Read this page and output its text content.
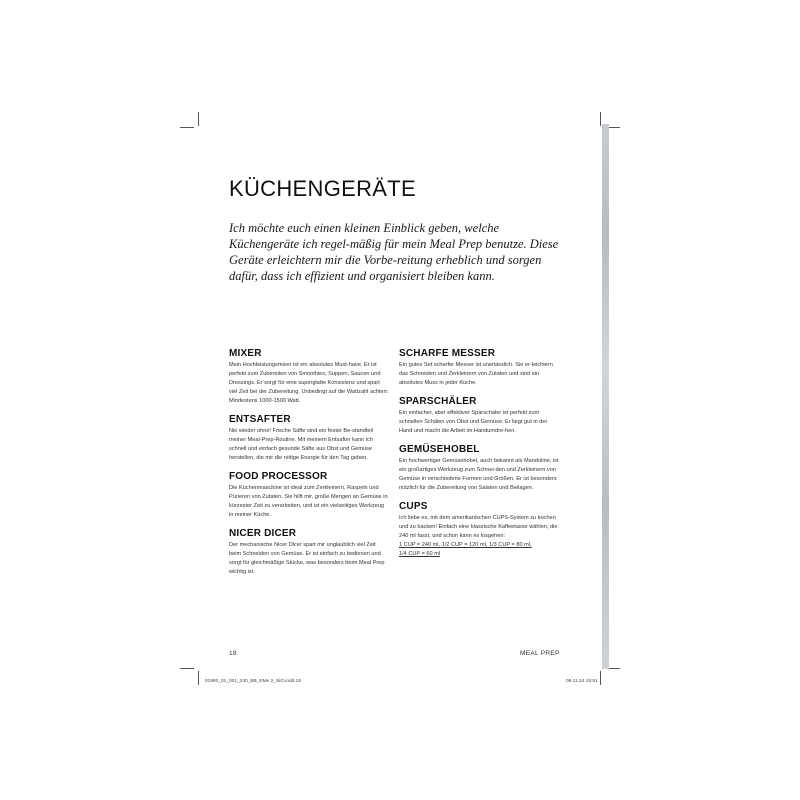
KÜCHENGERÄTE

Ich möchte euch einen kleinen Einblick geben, welche Küchengeräte ich regel-mäßig für mein Meal Prep benutze. Diese Geräte erleichtern mir die Vorbe-reitung erheblich und sorgen dafür, dass ich effizient und organisiert bleiben kann.

MIXER

Mein Hochleistungsmixer ist ein absolutes Must-have. Er ist perfekt zum Zubereiten von Smoothies, Suppen, Saucen und Dressings. Er sorgt für eine superglatte Konsistenz und spart viel Zeit bei der Zubereitung. Unbedingt auf die Wattzahl achten: Mindestens 1000-1500 Watt.

ENTSAFTER

Nie wieder ohne! Frische Säfte sind ein fester Be-standteil meiner Meal-Prep-Routine. Mit meinem Entsafter kann ich schnell und einfach gesunde Säfte aus Obst und Gemüse herstellen, die mir die nötige Energie für den Tag geben.

FOOD PROCESSOR

Die Küchenmaschine ist ideal zum Zerkleinern, Raspeln und Pürieren von Zutaten. Sie hilft mir, große Mengen an Gemüse in kürzester Zeit zu verarbeiten, und ist ein vielseitiges Werkzeug in meiner Küche.

NICER DICER

Der mechanische Nicer Dicer spart mir unglaublich viel Zeit beim Schneiden von Gemüse. Er ist einfach zu bedienen und sorgt für gleichmäßige Stücke, was besonders beim Meal Prep wichtig ist.

SCHARFE MESSER

Ein gutes Set scharfer Messer ist unerlässlich. Sie er-leichtern das Schneiden und Zerkleinern von Zutaten und sind ein absolutes Muss in jeder Küche.

SPARSCHÄLER

Ein einfacher, aber effektiver Sparschäler ist perfekt zum schnellen Schälen von Obst und Gemüse. Er liegt gut in der Hand und macht die Arbeit im Handumdre-hen.

GEMÜSEHOBEL

Ein hochwertiger Gemüsehobel, auch bekannt als Mandoline, ist ein großartiges Werkzeug zum Schnei-den und Zerkleinern von Gemüse in verschiedene Formen und Größen. Er ist besonders nützlich für die Zubereitung von Salaten und Beilagen.

CUPS

Ich liebe es, mit dem amerikanischen CUPS-System zu kochen und zu backen! Einfach eine klassische Kaffeetasse wählen, die 240 ml fasst, und schon kann es losgehen:

1 CUP = 240 ml, 1/2 CUP = 120 ml, 1/3 CUP = 80 ml,

1/4 CUP = 60 ml

18	MEAL PREP
01960_01_001_240_BB_EMe 2_SiG.indd 18	09.11.24 15:51
